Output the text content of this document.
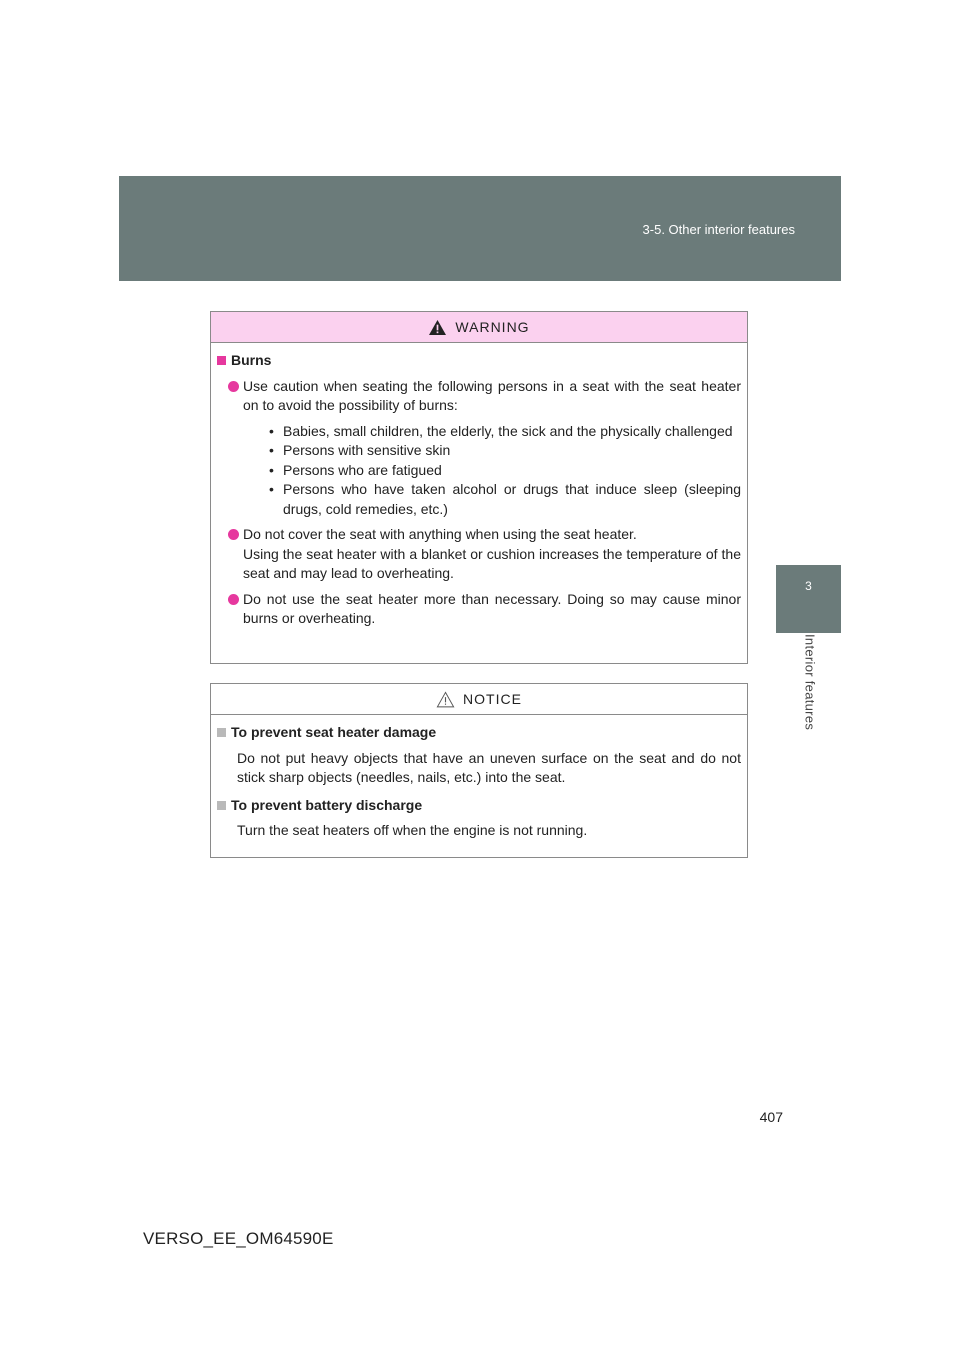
3-5. Other interior features
3
Interior features
WARNING
Burns
Use caution when seating the following persons in a seat with the seat heater on to avoid the possibility of burns:
• Babies, small children, the elderly, the sick and the physically challenged
• Persons with sensitive skin
• Persons who are fatigued
• Persons who have taken alcohol or drugs that induce sleep (sleeping drugs, cold remedies, etc.)
Do not cover the seat with anything when using the seat heater.
Using the seat heater with a blanket or cushion increases the temperature of the seat and may lead to overheating.
Do not use the seat heater more than necessary. Doing so may cause minor burns or overheating.
NOTICE
To prevent seat heater damage
Do not put heavy objects that have an uneven surface on the seat and do not stick sharp objects (needles, nails, etc.) into the seat.
To prevent battery discharge
Turn the seat heaters off when the engine is not running.
407
VERSO_EE_OM64590E
